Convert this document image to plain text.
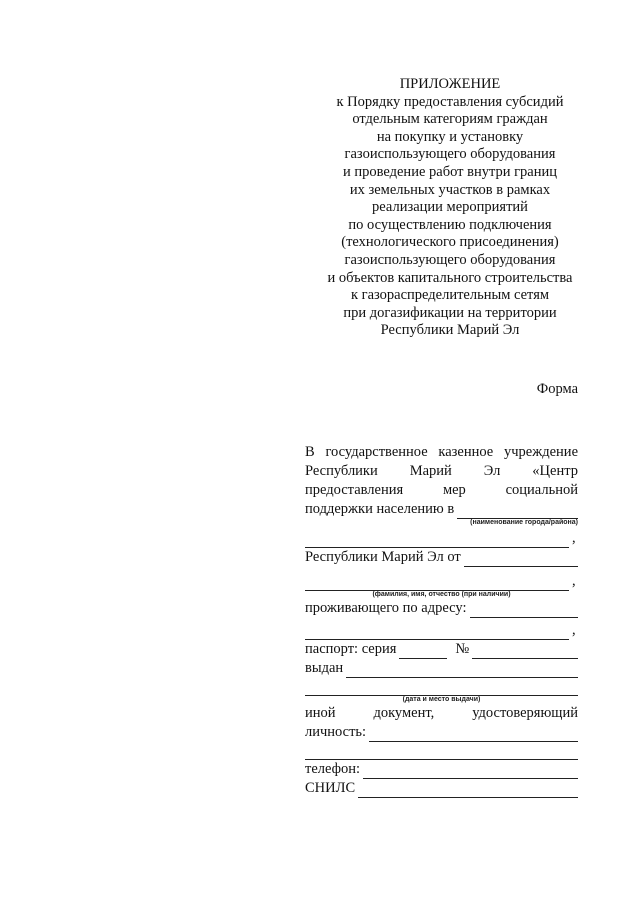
ПРИЛОЖЕНИЕ
к Порядку предоставления субсидий
отдельным категориям граждан
на покупку и установку
газоиспользующего оборудования
и проведение работ внутри границ
их земельных участков в рамках
реализации мероприятий
по осуществлению подключения
(технологического присоединения)
газоиспользующего оборудования
и объектов капитального строительства
к газораспределительным сетям
при догазификации на территории
Республики Марий Эл
Форма
В государственное казенное учреждение
Республики Марий Эл «Центр
предоставления	мер	социальной
поддержки населению в
(наименование города/района)
,
Республики Марий Эл от
,
(фамилия, имя, отчество (при наличии)
проживающего по адресу:
,
паспорт: серия	№
выдан
(дата и место выдачи)
иной	документ,	удостоверяющий
личность:
телефон:
СНИЛС
